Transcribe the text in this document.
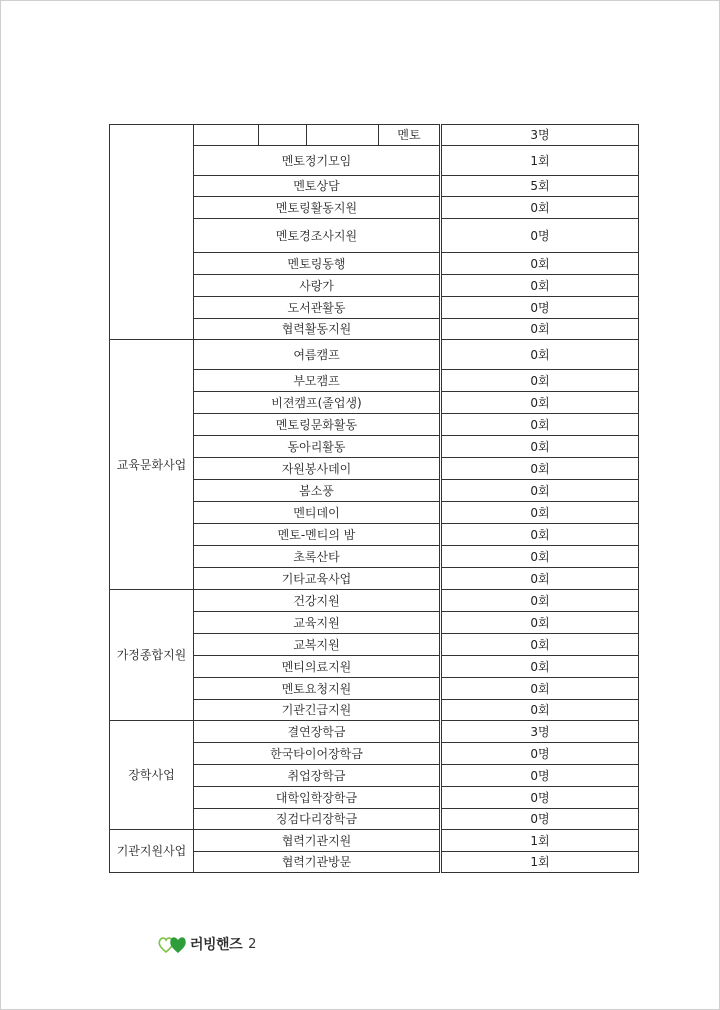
				멘토	3명	
	멘토정기모임				1회	
	멘토상담				5회	
	멘토링활동지원				0회	
	멘토경조사지원				0명	
	멘토링동행				0회	
	사랑가				0회	
	도서관활동				0명	
	협력활동지원				0회	
교육문화사업	여름캠프				0회	
	부모캠프				0회	
	비젼캠프(졸업생)				0회	
	멘토링문화활동				0회	
	동아리활동				0회	
	자원봉사데이				0회	
	봄소풍				0회	
	멘티데이				0회	
	멘토-멘티의 밤				0회	
	초록산타				0회	
	기타교육사업				0회	
가정종합지원	건강지원				0회	
	교육지원				0회	
	교복지원				0회	
	멘티의료지원				0회	
	멘토요청지원				0회	
	기관긴급지원				0회	
장학사업	결연장학금				3명	
	한국타이어장학금				0명	
	취업장학금				0명	
	대학입학장학금				0명	
	징검다리장학금				0명	
기관지원사업	협력기관지원				1회	
	협력기관방문				1회	
러빙핸즈 2
